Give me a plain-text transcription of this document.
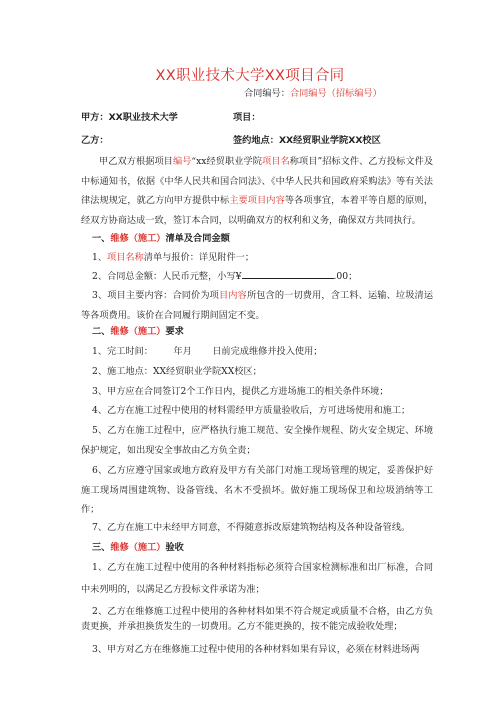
XX职业技术大学XX项目合同
合同编号：合同编号（招标编号）
甲方：XX职业技术大学	项目：
乙方：	签约地点：XX经贸职业学院XX校区
甲乙双方根据项目编号“xx经贸职业学院项目名称项目”招标文件、乙方投标文件及中标通知书，依据《中华人民共和国合同法》、《中华人民共和国政府采购法》等有关法律法规规定，就乙方向甲方提供中标主要项目内容等各项事宜，本着平等自愿的原则，经双方协商达成一致，签订本合同，以明确双方的权利和义务，确保双方共同执行。
一、维修（施工）清单及合同金额
1、项目名称清单与报价：详见附件一；
2、合同总金额：人民币元整，小写¥	.00；
3、项目主要内容：合同价为项目内容所包含的一切费用，含工料、运输、垃圾清运等各项费用。该价在合同履行期间固定不变。
二、维修（施工）要求
1、完工时间：       年月       日前完成维修并投入使用；
2、施工地点：XX经贸职业学院XX校区；
3、甲方应在合同签订2个工作日内，提供乙方进场施工的相关条件环境；
4、乙方在施工过程中使用的材料需经甲方质量验收后，方可进场使用和施工；
5、乙方在施工过程中，应严格执行施工规范、安全操作规程、防火安全规定、环境保护规定，如出现安全事故由乙方负全责；
6、乙方应遵守国家或地方政府及甲方有关部门对施工现场管理的规定，妥善保护好施工现场周围建筑物、设备管线、名木不受损坏。做好施工现场保卫和垃圾消纳等工作；
7、乙方在施工中未经甲方同意，不得随意拆改原建筑物结构及各种设备管线。
三、维修（施工）验收
1、乙方在施工过程中使用的各种材料指标必须符合国家检测标准和出厂标准，合同中未列明的，以满足乙方投标文件承诺为准；
2、乙方在维修施工过程中使用的各种材料如果不符合规定或质量不合格，由乙方负责更换，并承担换货发生的一切费用。乙方不能更换的，按不能完成验收处理；
3、甲方对乙方在维修施工过程中使用的各种材料如果有异议，必须在材料进场两
